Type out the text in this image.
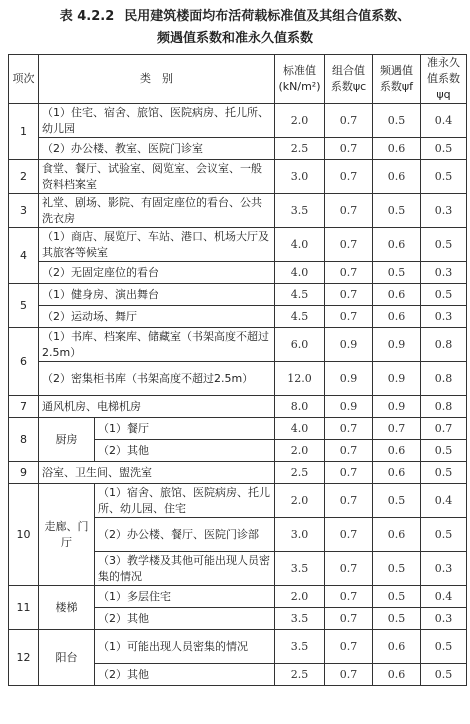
表 4.2.2 民用建筑楼面均布活荷载标准值及其组合值系数、
频遇值系数和准永久值系数
项次	类　别		标准值 (kN/m²)	组合值系数ψc	频遇值系数ψf	准永久值系数ψq
1	（1）住宅、宿舍、旅馆、医院病房、托儿所、幼儿园		2.0	0.7	0.5	0.4
	（2）办公楼、教室、医院门诊室		2.5	0.7	0.6	0.5
2	食堂、餐厅、试验室、阅览室、会议室、一般资料档案室		3.0	0.7	0.6	0.5
3	礼堂、剧场、影院、有固定座位的看台、公共洗衣房		3.5	0.7	0.5	0.3
4	（1）商店、展览厅、车站、港口、机场大厅及其旅客等候室		4.0	0.7	0.6	0.5
	（2）无固定座位的看台		4.0	0.7	0.5	0.3
5	（1）健身房、演出舞台		4.5	0.7	0.6	0.5
	（2）运动场、舞厅		4.5	0.7	0.6	0.3
6	（1）书库、档案库、储藏室（书架高度不超过2.5m）		6.0	0.9	0.9	0.8
	（2）密集柜书库（书架高度不超过2.5m）		12.0	0.9	0.9	0.8
7	通风机房、电梯机房		8.0	0.9	0.9	0.8
8	厨房	（1）餐厅	4.0	0.7	0.7	0.7
		（2）其他	2.0	0.7	0.6	0.5
9	浴室、卫生间、盥洗室		2.5	0.7	0.6	0.5
10	走廊、门厅	（1）宿舍、旅馆、医院病房、托儿所、幼儿园、住宅	2.0	0.7	0.5	0.4
		（2）办公楼、餐厅、医院门诊部	3.0	0.7	0.6	0.5
		（3）教学楼及其他可能出现人员密集的情况	3.5	0.7	0.5	0.3
11	楼梯	（1）多层住宅	2.0	0.7	0.5	0.4
		（2）其他	3.5	0.7	0.5	0.3
12	阳台	（1）可能出现人员密集的情况	3.5	0.7	0.6	0.5
		（2）其他	2.5	0.7	0.6	0.5
